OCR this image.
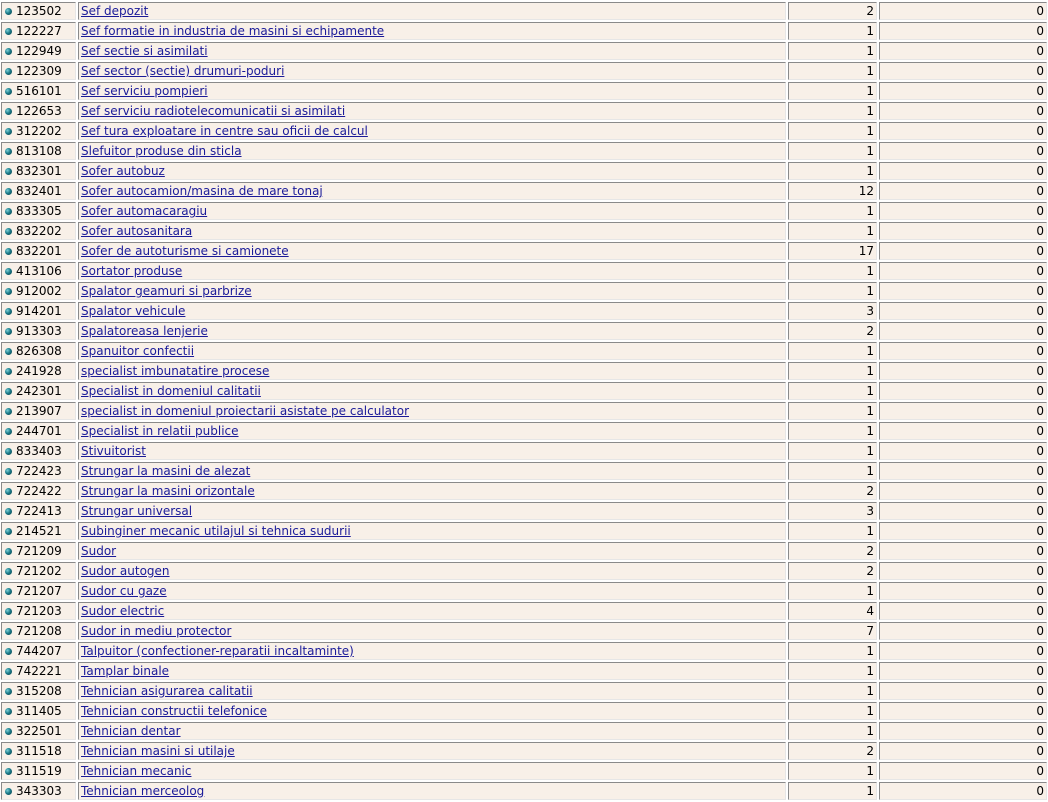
123502	Sef depozit	2	0
122227	Sef formatie in industria de masini si echipamente	1	0
122949	Sef sectie si asimilati	1	0
122309	Sef sector (sectie) drumuri-poduri	1	0
516101	Sef serviciu pompieri	1	0
122653	Sef serviciu radiotelecomunicatii si asimilati	1	0
312202	Sef tura exploatare in centre sau oficii de calcul	1	0
813108	Slefuitor produse din sticla	1	0
832301	Sofer autobuz	1	0
832401	Sofer autocamion/masina de mare tonaj	12	0
833305	Sofer automacaragiu	1	0
832202	Sofer autosanitara	1	0
832201	Sofer de autoturisme si camionete	17	0
413106	Sortator produse	1	0
912002	Spalator geamuri si parbrize	1	0
914201	Spalator vehicule	3	0
913303	Spalatoreasa lenjerie	2	0
826308	Spanuitor confectii	1	0
241928	specialist imbunatatire procese	1	0
242301	Specialist in domeniul calitatii	1	0
213907	specialist in domeniul proiectarii asistate pe calculator	1	0
244701	Specialist in relatii publice	1	0
833403	Stivuitorist	1	0
722423	Strungar la masini de alezat	1	0
722422	Strungar la masini orizontale	2	0
722413	Strungar universal	3	0
214521	Subinginer mecanic utilajul si tehnica sudurii	1	0
721209	Sudor	2	0
721202	Sudor autogen	2	0
721207	Sudor cu gaze	1	0
721203	Sudor electric	4	0
721208	Sudor in mediu protector	7	0
744207	Talpuitor (confectioner-reparatii incaltaminte)	1	0
742221	Tamplar binale	1	0
315208	Tehnician asigurarea calitatii	1	0
311405	Tehnician constructii telefonice	1	0
322501	Tehnician dentar	1	0
311518	Tehnician masini si utilaje	2	0
311519	Tehnician mecanic	1	0
343303	Tehnician merceolog	1	0
